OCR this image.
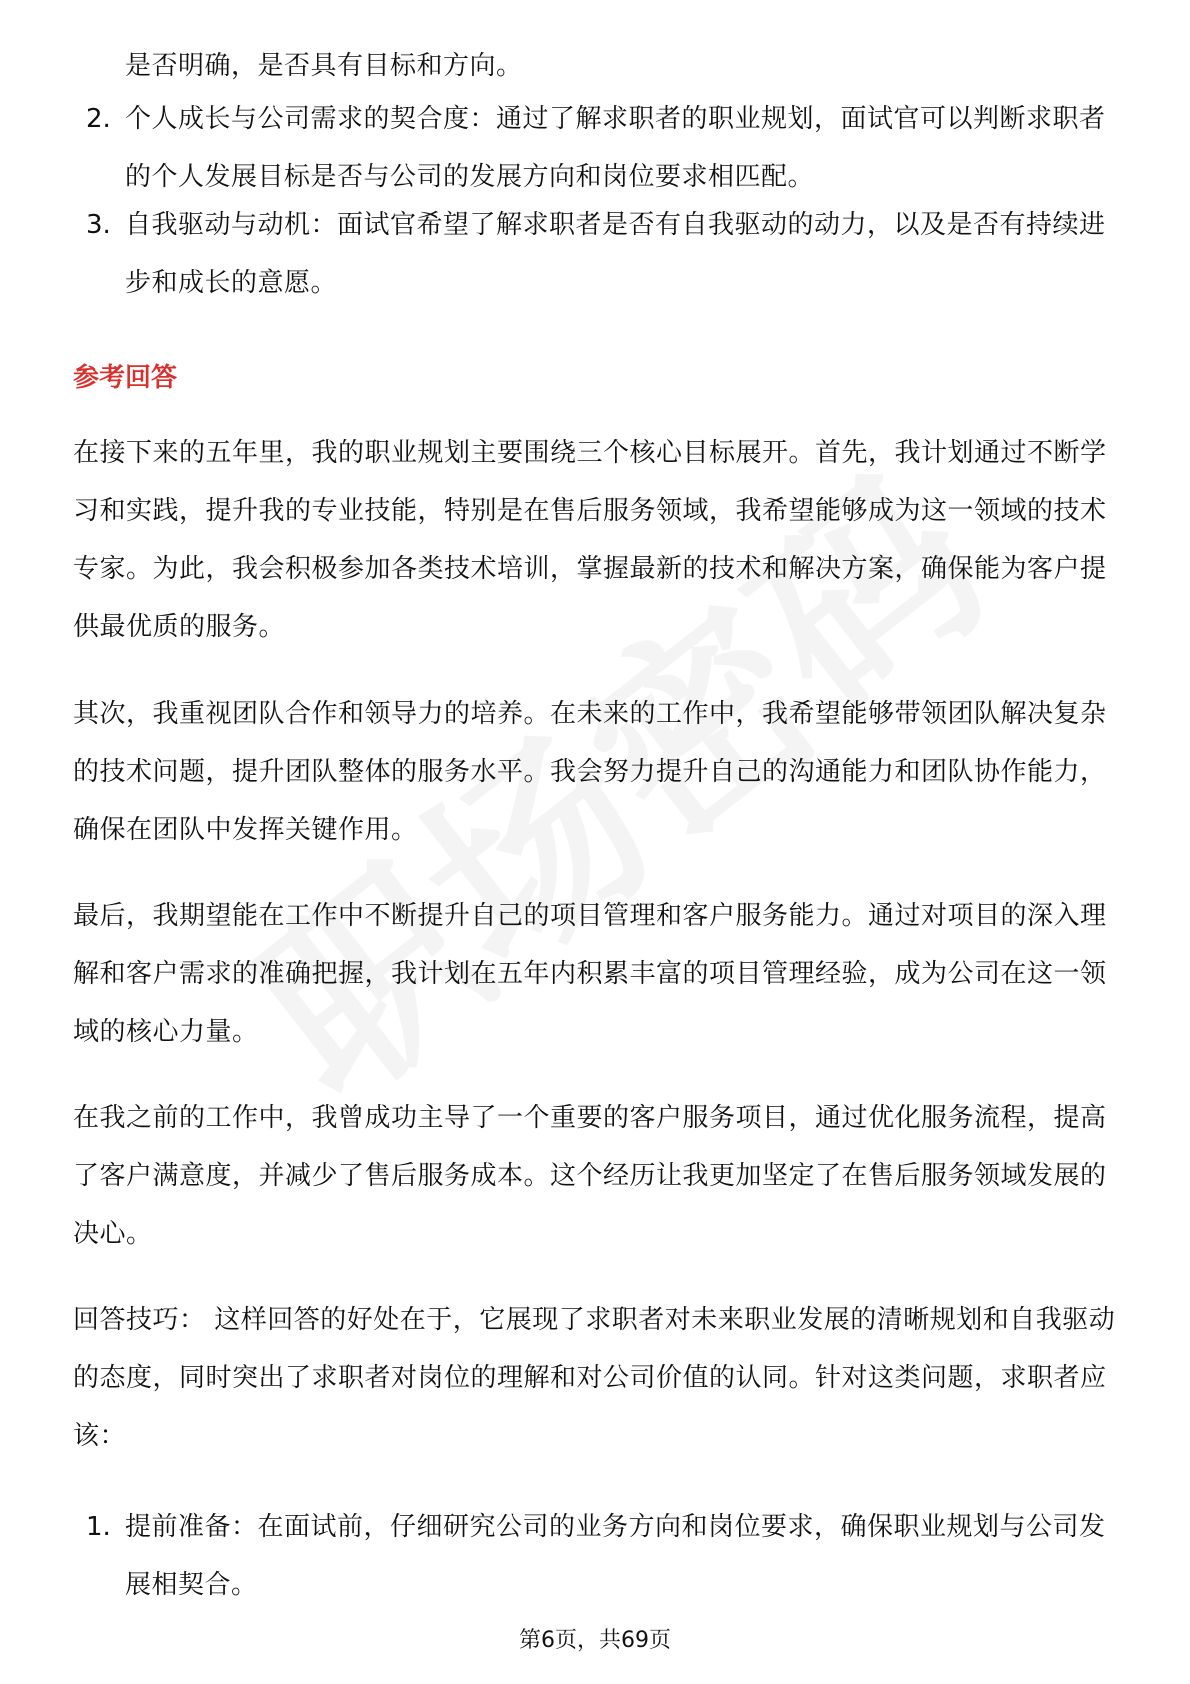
是否明确，是否具有目标和方向。
2. 个人成长与公司需求的契合度：通过了解求职者的职业规划，面试官可以判断求职者的个人发展目标是否与公司的发展方向和岗位要求相匹配。
3. 自我驱动与动机：面试官希望了解求职者是否有自我驱动的动力，以及是否有持续进步和成长的意愿。
参考回答
在接下来的五年里，我的职业规划主要围绕三个核心目标展开。首先，我计划通过不断学习和实践，提升我的专业技能，特别是在售后服务领域，我希望能够成为这一领域的技术专家。为此，我会积极参加各类技术培训，掌握最新的技术和解决方案，确保能为客户提供最优质的服务。
其次，我重视团队合作和领导力的培养。在未来的工作中，我希望能够带领团队解决复杂的技术问题，提升团队整体的服务水平。我会努力提升自己的沟通能力和团队协作能力，确保在团队中发挥关键作用。
最后，我期望能在工作中不断提升自己的项目管理和客户服务能力。通过对项目的深入理解和客户需求的准确把握，我计划在五年内积累丰富的项目管理经验，成为公司在这一领域的核心力量。
在我之前的工作中，我曾成功主导了一个重要的客户服务项目，通过优化服务流程，提高了客户满意度，并减少了售后服务成本。这个经历让我更加坚定了在售后服务领域发展的决心。
回答技巧： 这样回答的好处在于，它展现了求职者对未来职业发展的清晰规划和自我驱动的态度，同时突出了求职者对岗位的理解和对公司价值的认同。针对这类问题，求职者应该：
1. 提前准备：在面试前，仔细研究公司的业务方向和岗位要求，确保职业规划与公司发展相契合。
第6页，共69页
